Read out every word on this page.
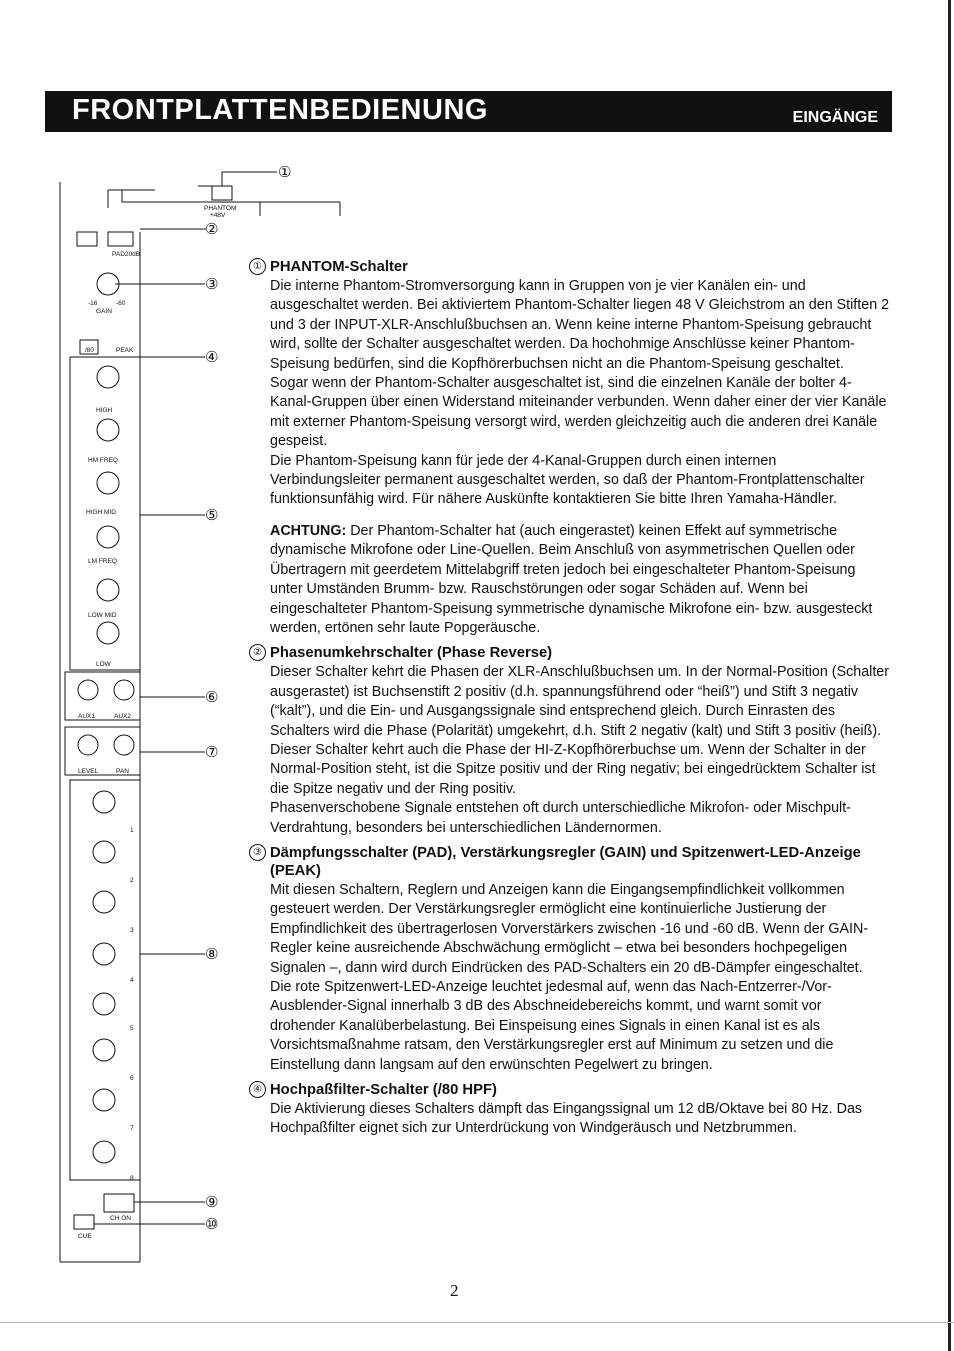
FRONTPLATTENBEDIENUNG	EINGÄNGE
PHANTOM
+48V
PAD20dB
-16	-60
GAIN
/80	PEAK
HIGH
HM FREQ
HIGH MID
LM FREQ
LOW MID
LOW
AUX1	AUX2
LEVEL	PAN
CH ON
CUE
1
2
3
4
5
6
7
8
①
②
③
④
⑤
⑥
⑦
⑧
⑨
⑩
① PHANTOM-Schalter

Die interne Phantom-Stromversorgung kann in Gruppen von je vier Kanälen ein- und ausgeschaltet werden. Bei aktiviertem Phantom-Schalter liegen 48 V Gleichstrom an den Stiften 2 und 3 der INPUT-XLR-Anschlußbuchsen an. Wenn keine interne Phantom-Speisung gebraucht wird, sollte der Schalter ausgeschaltet werden. Da hochohmige Anschlüsse keiner Phantom-Speisung bedürfen, sind die Kopfhörerbuchsen nicht an die Phantom-Speisung geschaltet.

Sogar wenn der Phantom-Schalter ausgeschaltet ist, sind die einzelnen Kanäle der bolter 4-Kanal-Gruppen über einen Widerstand miteinander verbunden. Wenn daher einer der vier Kanäle mit externer Phantom-Speisung versorgt wird, werden gleichzeitig auch die anderen drei Kanäle gespeist.

Die Phantom-Speisung kann für jede der 4-Kanal-Gruppen durch einen internen Verbindungsleiter permanent ausgeschaltet werden, so daß der Phantom-Frontplattenschalter funktionsunfähig wird. Für nähere Auskünfte kontaktieren Sie bitte Ihren Yamaha-Händler.

ACHTUNG: Der Phantom-Schalter hat (auch eingerastet) keinen Effekt auf symmetrische dynamische Mikrofone oder Line-Quellen. Beim Anschluß von asymmetrischen Quellen oder Übertragern mit geerdetem Mittelabgriff treten jedoch bei eingeschalteter Phantom-Speisung unter Umständen Brumm- bzw. Rauschstörungen oder sogar Schäden auf. Wenn bei eingeschalteter Phantom-Speisung symmetrische dynamische Mikrofone ein- bzw. ausgesteckt werden, ertönen sehr laute Popgeräusche.

② Phasenumkehrschalter (Phase Reverse)

Dieser Schalter kehrt die Phasen der XLR-Anschlußbuchsen um. In der Normal-Position (Schalter ausgerastet) ist Buchsenstift 2 positiv (d.h. spannungsführend oder “heiß”) und Stift 3 negativ (“kalt”), und die Ein- und Ausgangssignale sind entsprechend gleich. Durch Einrasten des Schalters wird die Phase (Polarität) umgekehrt, d.h. Stift 2 negativ (kalt) und Stift 3 positiv (heiß).

Dieser Schalter kehrt auch die Phase der HI-Z-Kopfhörerbuchse um. Wenn der Schalter in der Normal-Position steht, ist die Spitze positiv und der Ring negativ; bei eingedrücktem Schalter ist die Spitze negativ und der Ring positiv.

Phasenverschobene Signale entstehen oft durch unterschiedliche Mikrofon- oder Mischpult-Verdrahtung, besonders bei unterschiedlichen Ländernormen.

③ Dämpfungsschalter (PAD), Verstärkungsregler (GAIN) und Spitzenwert-LED-Anzeige (PEAK)

Mit diesen Schaltern, Reglern und Anzeigen kann die Eingangsempfindlichkeit vollkommen gesteuert werden. Der Verstärkungsregler ermöglicht eine kontinuierliche Justierung der Empfindlichkeit des übertragerlosen Vorverstärkers zwischen -16 und -60 dB. Wenn der GAIN-Regler keine ausreichende Abschwächung ermöglicht – etwa bei besonders hochpegeligen Signalen –, dann wird durch Eindrücken des PAD-Schalters ein 20 dB-Dämpfer eingeschaltet.

Die rote Spitzenwert-LED-Anzeige leuchtet jedesmal auf, wenn das Nach-Entzerrer-/Vor-Ausblender-Signal innerhalb 3 dB des Abschneidebereichs kommt, und warnt somit vor drohender Kanalüberbelastung. Bei Einspeisung eines Signals in einen Kanal ist es als Vorsichtsmaßnahme ratsam, den Verstärkungsregler erst auf Minimum zu setzen und die Einstellung dann langsam auf den erwünschten Pegelwert zu bringen.

④ Hochpaßfilter-Schalter (/80 HPF)

Die Aktivierung dieses Schalters dämpft das Eingangssignal um 12 dB/Oktave bei 80 Hz. Das Hochpaßfilter eignet sich zur Unterdrückung von Windgeräusch und Netzbrummen.

2
